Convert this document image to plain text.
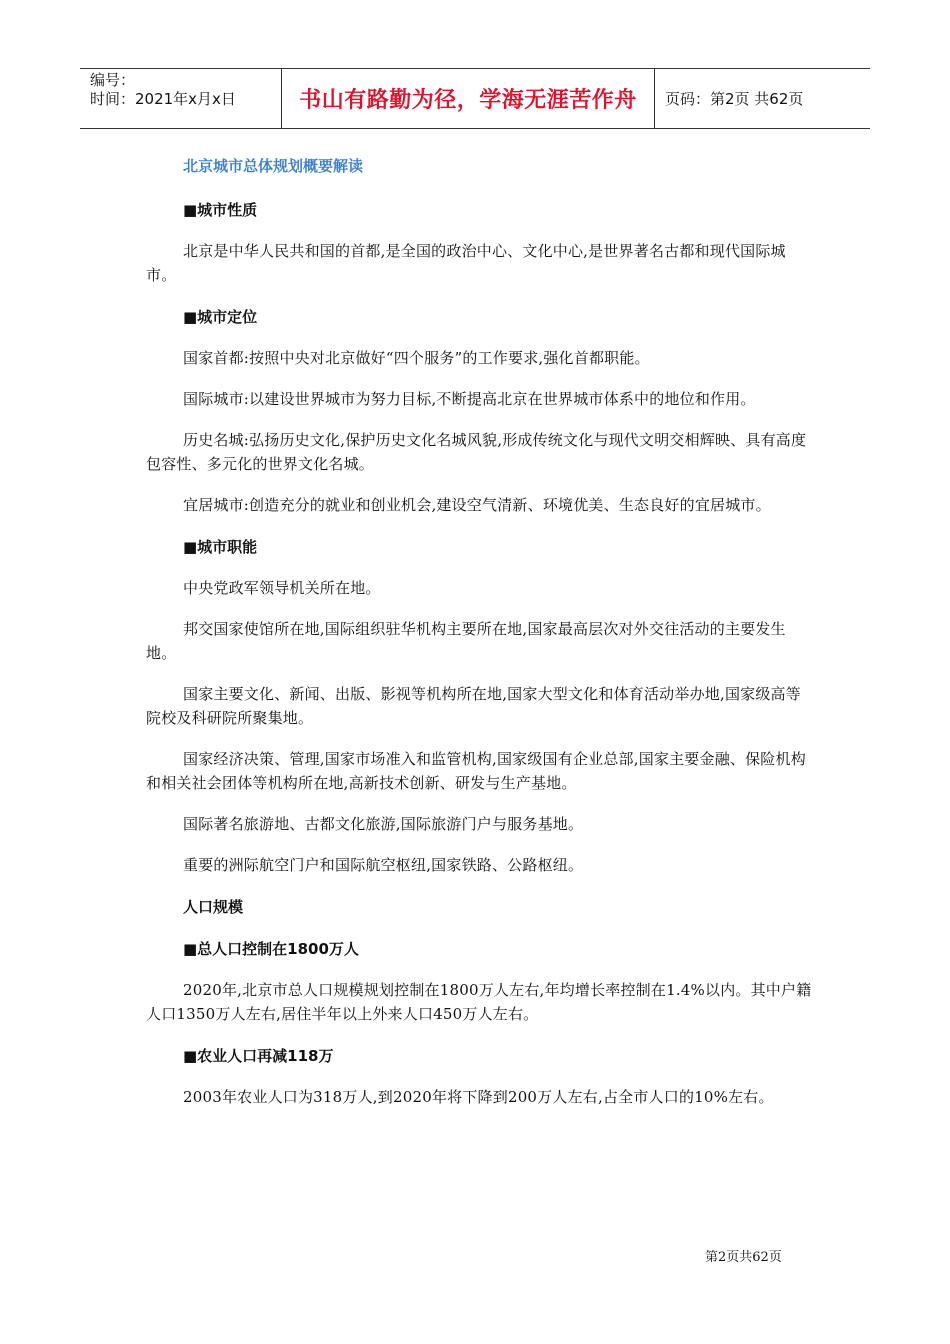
编号：
时间：2021年x月x日	书山有路勤为径，学海无涯苦作舟 页码：第2页 共62页
北京城市总体规划概要解读
■城市性质
北京是中华人民共和国的首都,是全国的政治中心、文化中心,是世界著名古都和现代国际城市。
■城市定位
国家首都:按照中央对北京做好“四个服务”的工作要求,强化首都职能。
国际城市:以建设世界城市为努力目标,不断提高北京在世界城市体系中的地位和作用。
历史名城:弘扬历史文化,保护历史文化名城风貌,形成传统文化与现代文明交相辉映、具有高度包容性、多元化的世界文化名城。
宜居城市:创造充分的就业和创业机会,建设空气清新、环境优美、生态良好的宜居城市。
■城市职能
中央党政军领导机关所在地。
邦交国家使馆所在地,国际组织驻华机构主要所在地,国家最高层次对外交往活动的主要发生地。
国家主要文化、新闻、出版、影视等机构所在地,国家大型文化和体育活动举办地,国家级高等院校及科研院所聚集地。
国家经济决策、管理,国家市场准入和监管机构,国家级国有企业总部,国家主要金融、保险机构和相关社会团体等机构所在地,高新技术创新、研发与生产基地。
国际著名旅游地、古都文化旅游,国际旅游门户与服务基地。
重要的洲际航空门户和国际航空枢纽,国家铁路、公路枢纽。
人口规模
■总人口控制在1800万人
2020年,北京市总人口规模规划控制在1800万人左右,年均增长率控制在1.4%以内。其中户籍人口1350万人左右,居住半年以上外来人口450万人左右。
■农业人口再减118万
2003年农业人口为318万人,到2020年将下降到200万人左右,占全市人口的10%左右。
第2页共62页
